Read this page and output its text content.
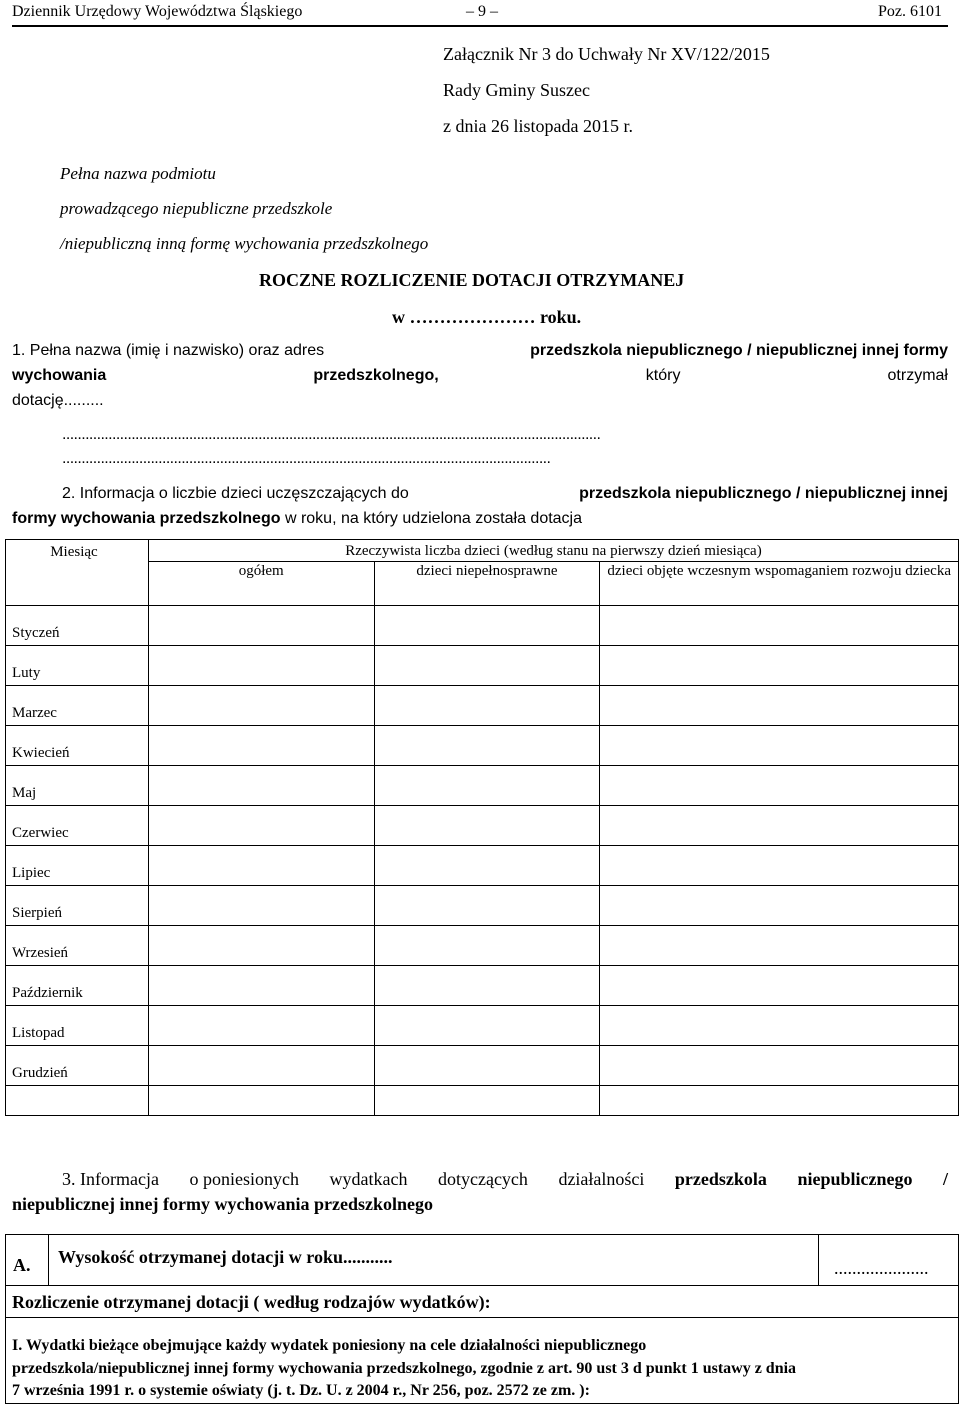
Dziennik Urzędowy Województwa Śląskiego	– 9 –	Poz. 6101
Załącznik Nr 3 do Uchwały Nr XV/122/2015
Rady Gminy Suszec
z dnia 26 listopada 2015 r.
Pełna nazwa podmiotu
prowadzącego niepubliczne przedszkole
/niepubliczną inną formę wychowania przedszkolnego
ROCZNE ROZLICZENIE DOTACJI OTRZYMANEJ
w ………………… roku.
1. Pełna nazwa (imię i nazwisko) oraz adres	przedszkola niepublicznego / niepublicznej innej formy
wychowania	przedszkolnego,	który	otrzymał
dotację.........
............................................................................................................................................
...............................................................................................................................
2. Informacja o liczbie dzieci uczęszczających do	przedszkola niepublicznego / niepublicznej innej
formy wychowania przedszkolnego w roku, na który udzielona została dotacja
Miesiąc	Rzeczywista liczba dzieci (według stanu na pierwszy dzień miesiąca)		
	ogółem	dzieci niepełnosprawne	dzieci objęte wczesnym wspomaganiem rozwoju dziecka
Styczeń			
Luty			
Marzec			
Kwiecień			
Maj			
Czerwiec			
Lipiec			
Sierpień			
Wrzesień			
Październik			
Listopad			
Grudzień			

3. Informacja o poniesionych wydatkach dotyczących działalności przedszkola niepublicznego /
niepublicznej innej formy wychowania przedszkolnego
A. Wysokość otrzymanej dotacji w roku...........
.....................
Rozliczenie otrzymanej dotacji ( według rodzajów wydatków):
I. Wydatki bieżące obejmujące każdy wydatek poniesiony na cele działalności niepublicznego
przedszkola/niepublicznej innej formy wychowania przedszkolnego, zgodnie z art. 90 ust 3 d punkt 1 ustawy z dnia
7 września 1991 r. o systemie oświaty (j. t. Dz. U. z 2004 r., Nr 256, poz. 2572 ze zm. ):
